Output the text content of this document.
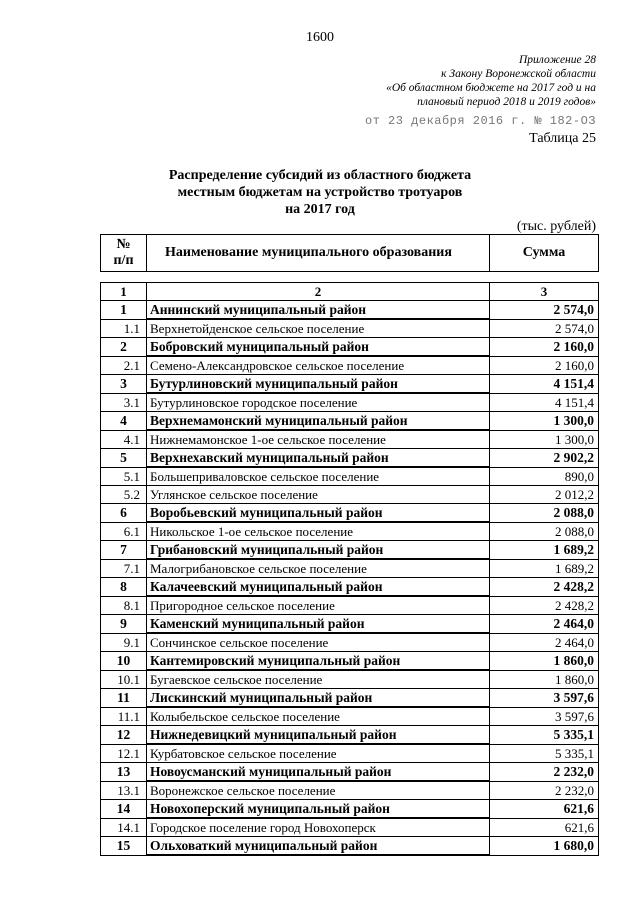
1600
Приложение 28
к Закону Воронежской области
«Об областном бюджете на 2017 год и на
плановый период 2018 и 2019 годов»
от 23 декабря 2016 г. № 182-ОЗ
Таблица 25
Распределение субсидий из областного бюджета
местным бюджетам на устройство тротуаров
на 2017 год
(тыс. рублей)
№
п/п
	Наименование муниципального образования	Сумма
1	2	3
1	Аннинский муниципальный район	2 574,0
1.1	Верхнетойденское сельское поселение	2 574,0
2	Бобровский муниципальный район	2 160,0
2.1	Семено-Александровское сельское поселение	2 160,0
3	Бутурлиновский муниципальный район	4 151,4
3.1	Бутурлиновское городское поселение	4 151,4
4	Верхнемамонский муниципальный район	1 300,0
4.1	Нижнемамонское 1-ое сельское поселение	1 300,0
5	Верхнехавский муниципальный район	2 902,2
5.1	Большеприваловское сельское поселение	890,0
5.2	Углянское сельское поселение	2 012,2
6	Воробьевский муниципальный район	2 088,0
6.1	Никольское 1-ое сельское поселение	2 088,0
7	Грибановский муниципальный район	1 689,2
7.1	Малогрибановское сельское поселение	1 689,2
8	Калачеевский муниципальный район	2 428,2
8.1	Пригородное сельское поселение	2 428,2
9	Каменский муниципальный район	2 464,0
9.1	Сончинское сельское поселение	2 464,0
10	Кантемировский муниципальный район	1 860,0
10.1	Бугаевское сельское поселение	1 860,0
11	Лискинский муниципальный район	3 597,6
11.1	Колыбельское сельское поселение	3 597,6
12	Нижнедевицкий муниципальный район	5 335,1
12.1	Курбатовское сельское поселение	5 335,1
13	Новоусманский муниципальный район	2 232,0
13.1	Воронежское сельское поселение	2 232,0
14	Новохоперский муниципальный район	621,6
14.1	Городское поселение город Новохоперск	621,6
15	Ольховаткий муниципальный район	1 680,0
